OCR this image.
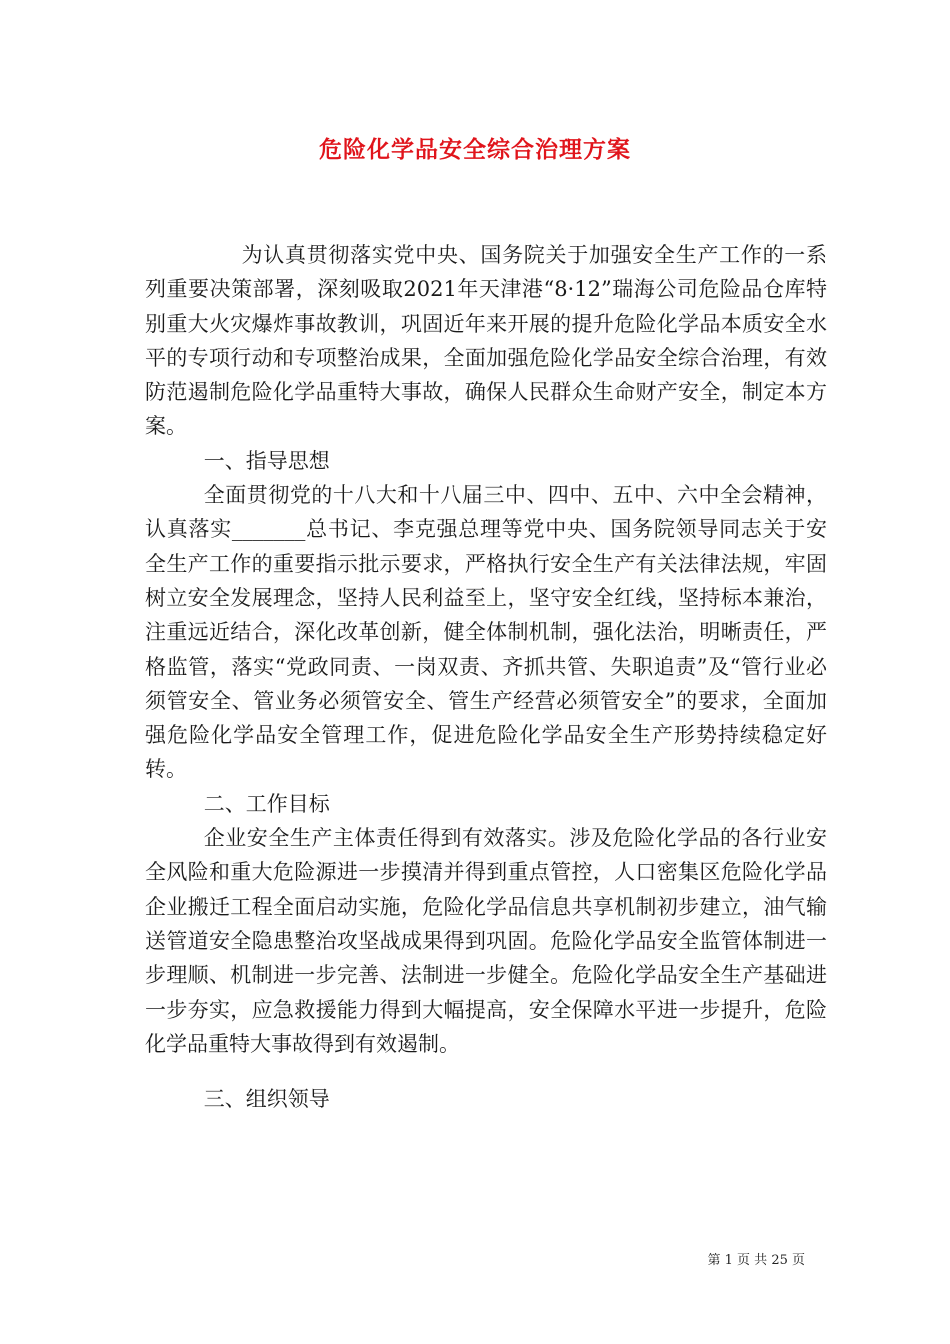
危险化学品安全综合治理方案

为认真贯彻落实党中央、国务院关于加强安全生产工作的一系列重要决策部署，深刻吸取2021年天津港“8·12”瑞海公司危险品仓库特别重大火灾爆炸事故教训，巩固近年来开展的提升危险化学品本质安全水平的专项行动和专项整治成果，全面加强危险化学品安全综合治理，有效防范遏制危险化学品重特大事故，确保人民群众生命财产安全，制定本方案。

一、指导思想

全面贯彻党的十八大和十八届三中、四中、五中、六中全会精神，认真落实_______总书记、李克强总理等党中央、国务院领导同志关于安全生产工作的重要指示批示要求，严格执行安全生产有关法律法规，牢固树立安全发展理念，坚持人民利益至上，坚守安全红线，坚持标本兼治，注重远近结合，深化改革创新，健全体制机制，强化法治，明晰责任，严格监管，落实“党政同责、一岗双责、齐抓共管、失职追责”及“管行业必须管安全、管业务必须管安全、管生产经营必须管安全”的要求，全面加强危险化学品安全管理工作，促进危险化学品安全生产形势持续稳定好转。

二、工作目标

企业安全生产主体责任得到有效落实。涉及危险化学品的各行业安全风险和重大危险源进一步摸清并得到重点管控，人口密集区危险化学品企业搬迁工程全面启动实施，危险化学品信息共享机制初步建立，油气输送管道安全隐患整治攻坚战成果得到巩固。危险化学品安全监管体制进一步理顺、机制进一步完善、法制进一步健全。危险化学品安全生产基础进一步夯实，应急救援能力得到大幅提高，安全保障水平进一步提升，危险化学品重特大事故得到有效遏制。

三、组织领导

第 1 页 共 25 页
